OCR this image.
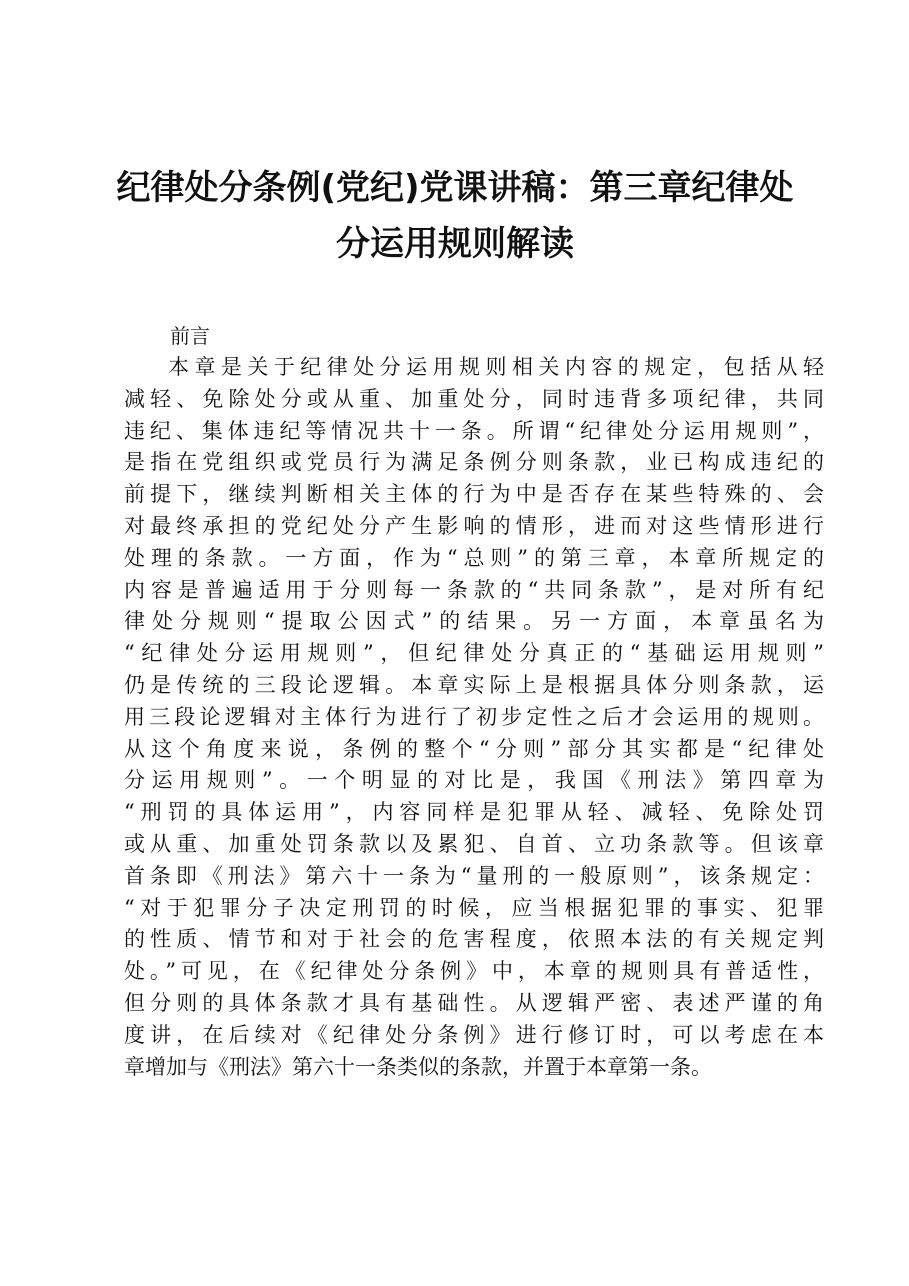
纪律处分条例(党纪)党课讲稿：第三章纪律处
分运用规则解读
前言
本章是关于纪律处分运用规则相关内容的规定，包括从轻
减轻、免除处分或从重、加重处分，同时违背多项纪律，共同
违纪、集体违纪等情况共十一条。所谓“纪律处分运用规则”，
是指在党组织或党员行为满足条例分则条款，业已构成违纪的
前提下，继续判断相关主体的行为中是否存在某些特殊的、会
对最终承担的党纪处分产生影响的情形，进而对这些情形进行
处理的条款。一方面，作为“总则”的第三章，本章所规定的
内容是普遍适用于分则每一条款的“共同条款”，是对所有纪
律处分规则“提取公因式”的结果。另一方面，本章虽名为
“纪律处分运用规则”，但纪律处分真正的“基础运用规则”
仍是传统的三段论逻辑。本章实际上是根据具体分则条款，运
用三段论逻辑对主体行为进行了初步定性之后才会运用的规则。
从这个角度来说，条例的整个“分则”部分其实都是“纪律处
分运用规则”。一个明显的对比是，我国《刑法》第四章为
“刑罚的具体运用”，内容同样是犯罪从轻、减轻、免除处罚
或从重、加重处罚条款以及累犯、自首、立功条款等。但该章
首条即《刑法》第六十一条为“量刑的一般原则”，该条规定：
“对于犯罪分子决定刑罚的时候，应当根据犯罪的事实、犯罪
的性质、情节和对于社会的危害程度，依照本法的有关规定判
处。”可见，在《纪律处分条例》中，本章的规则具有普适性，
但分则的具体条款才具有基础性。从逻辑严密、表述严谨的角
度讲，在后续对《纪律处分条例》进行修订时，可以考虑在本
章增加与《刑法》第六十一条类似的条款，并置于本章第一条。
